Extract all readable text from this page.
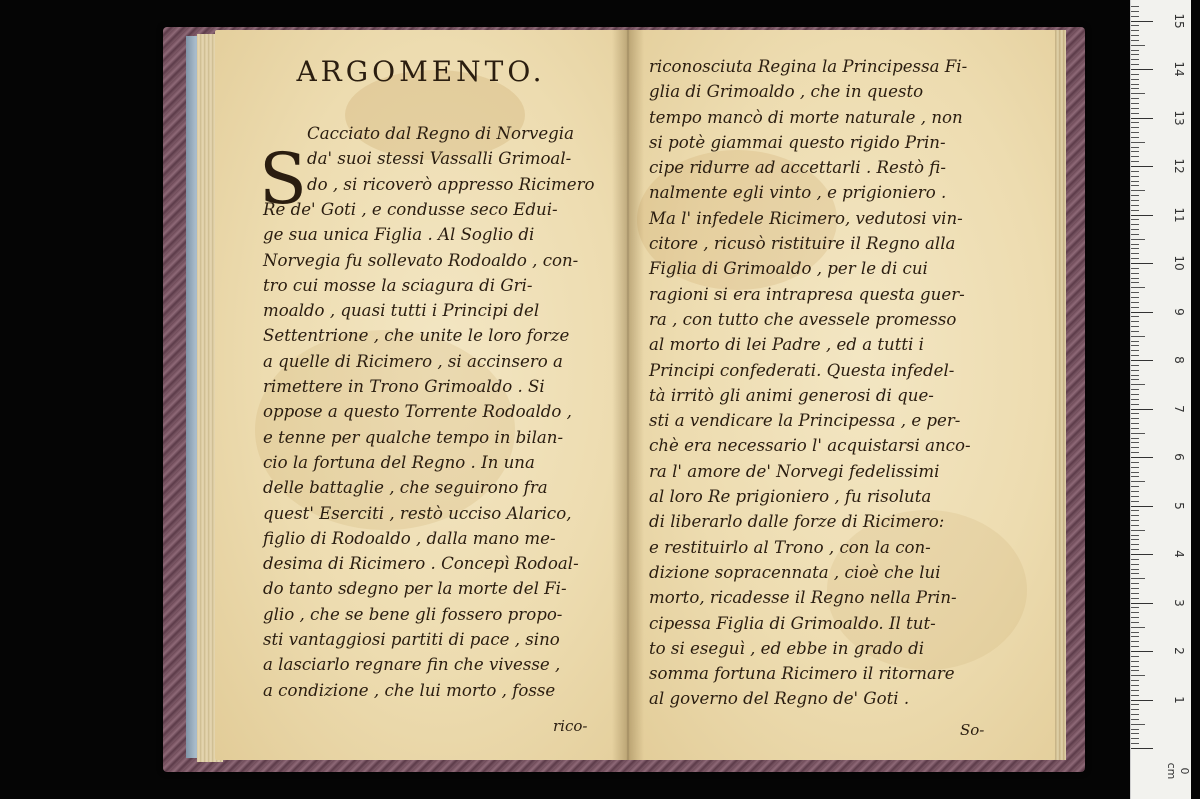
ARGOMENTO.
S
Cacciato dal Regno di Norvegia
da' suoi stessi Vassalli Grimoal-
do , si ricoverò appresso Ricimero
Re de' Goti , e condusse seco Edui-
ge sua unica Figlia . Al Soglio di
Norvegia fu sollevato Rodoaldo , con-
tro cui mosse la sciagura di Gri-
moaldo , quasi tutti i Principi del
Settentrione , che unite le loro forze
a quelle di Ricimero , si accinsero a
rimettere in Trono Grimoaldo . Si
oppose a questo Torrente Rodoaldo ,
e tenne per qualche tempo in bilan-
cio la fortuna del Regno . In una
delle battaglie , che seguirono fra
quest' Eserciti , restò ucciso Alarico,
figlio di Rodoaldo , dalla mano me-
desima di Ricimero . Concepì Rodoal-
do tanto sdegno per la morte del Fi-
glio , che se bene gli fossero propo-
sti vantaggiosi partiti di pace , sino
a lasciarlo regnare fin che vivesse ,
a condizione , che lui morto , fosse
rico-
riconosciuta Regina la Principessa Fi-
glia di Grimoaldo , che in questo
tempo mancò di morte naturale , non
si potè giammai questo rigido Prin-
cipe ridurre ad accettarli . Restò fi-
nalmente egli vinto , e prigioniero .
Ma l' infedele Ricimero, vedutosi vin-
citore , ricusò ristituire il Regno alla
Figlia di Grimoaldo , per le di cui
ragioni si era intrapresa questa guer-
ra , con tutto che avessele promesso
al morto di lei Padre , ed a tutti i
Principi confederati. Questa infedel-
tà irritò gli animi generosi di que-
sti a vendicare la Principessa , e per-
chè era necessario l' acquistarsi anco-
ra l' amore de' Norvegi fedelissimi
al loro Re prigioniero , fu risoluta
di liberarlo dalle forze di Ricimero:
e restituirlo al Trono , con la con-
dizione sopracennata , cioè che lui
morto, ricadesse il Regno nella Prin-
cipessa Figlia di Grimoaldo. Il tut-
to si eseguì , ed ebbe in grado di
somma fortuna Ricimero il ritornare
al governo del Regno de' Goti .
So-
0 cm
1
2
3
4
5
6
7
8
9
10
11
12
13
14
15
